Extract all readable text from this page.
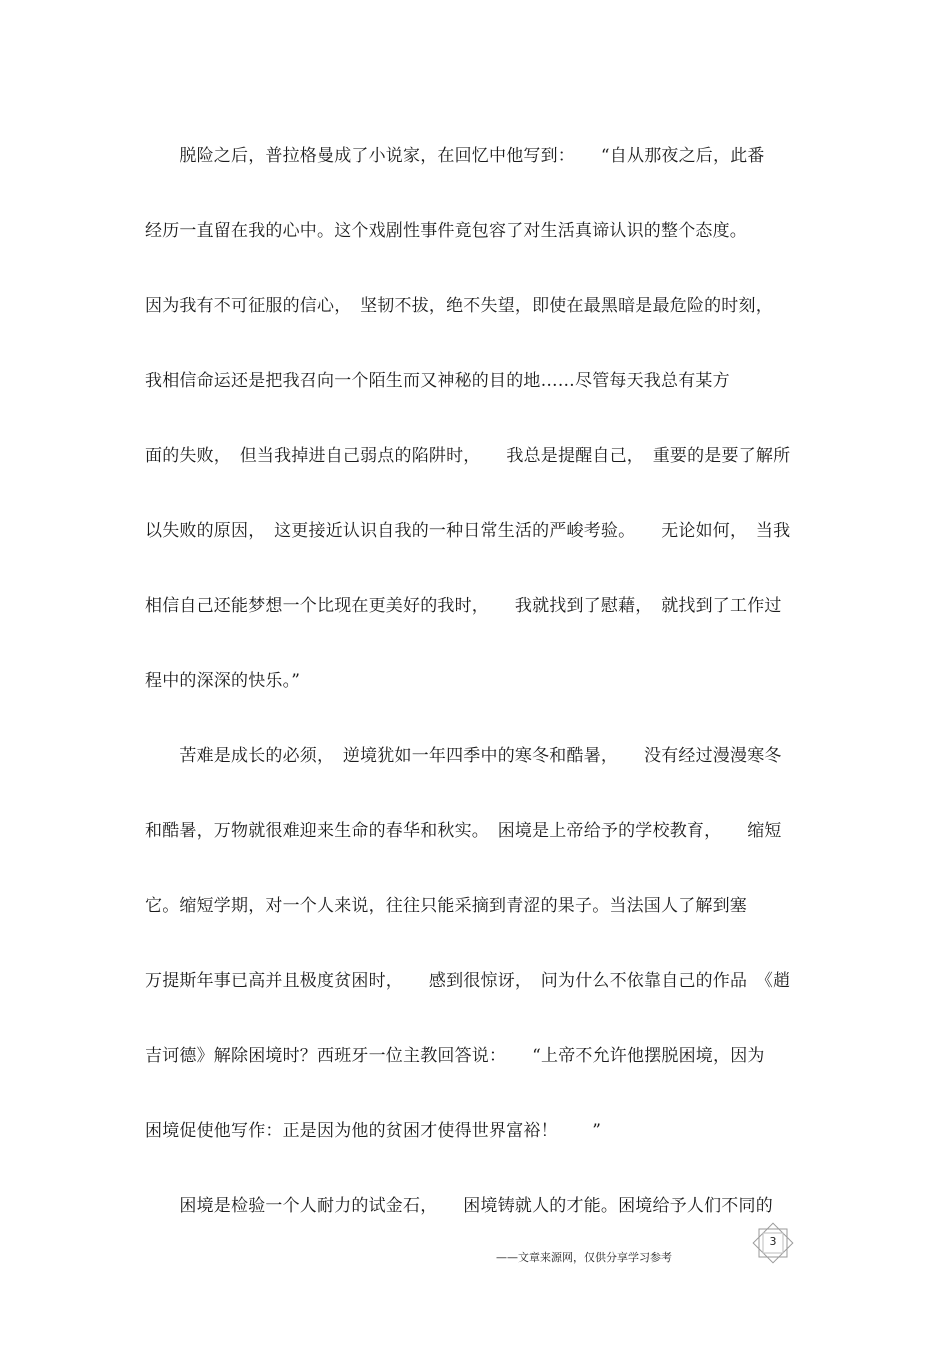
　　脱险之后，普拉格曼成了小说家，在回忆中他写到：　　“自从那夜之后，此番
经历一直留在我的心中。这个戏剧性事件竟包容了对生活真谛认识的整个态度。
因为我有不可征服的信心，　坚韧不拔，绝不失望，即使在最黑暗是最危险的时刻，
我相信命运还是把我召向一个陌生而又神秘的目的地……尽管每天我总有某方
面的失败，　但当我掉进自己弱点的陷阱时，　　我总是提醒自己，　重要的是要了解所
以失败的原因，　这更接近认识自我的一种日常生活的严峻考验。　　无论如何，　当我
相信自己还能梦想一个比现在更美好的我时，　　我就找到了慰藉，　就找到了工作过
程中的深深的快乐。”
　　苦难是成长的必须，　逆境犹如一年四季中的寒冬和酷暑，　　没有经过漫漫寒冬
和酷暑，万物就很难迎来生命的春华和秋实。　困境是上帝给予的学校教育，　　缩短
它。缩短学期，对一个人来说，往往只能采摘到青涩的果子。当法国人了解到塞
万提斯年事已高并且极度贫困时，　　感到很惊讶，　问为什么不依靠自己的作品　《趙
吉诃德》解除困境时？西班牙一位主教回答说：　　“上帝不允许他摆脱困境，因为
困境促使他写作：正是因为他的贫困才使得世界富裕！　　”
　　困境是检验一个人耐力的试金石，　　困境铸就人的才能。困境给予人们不同的
——文章来源网，仅供分享学习参考
3
